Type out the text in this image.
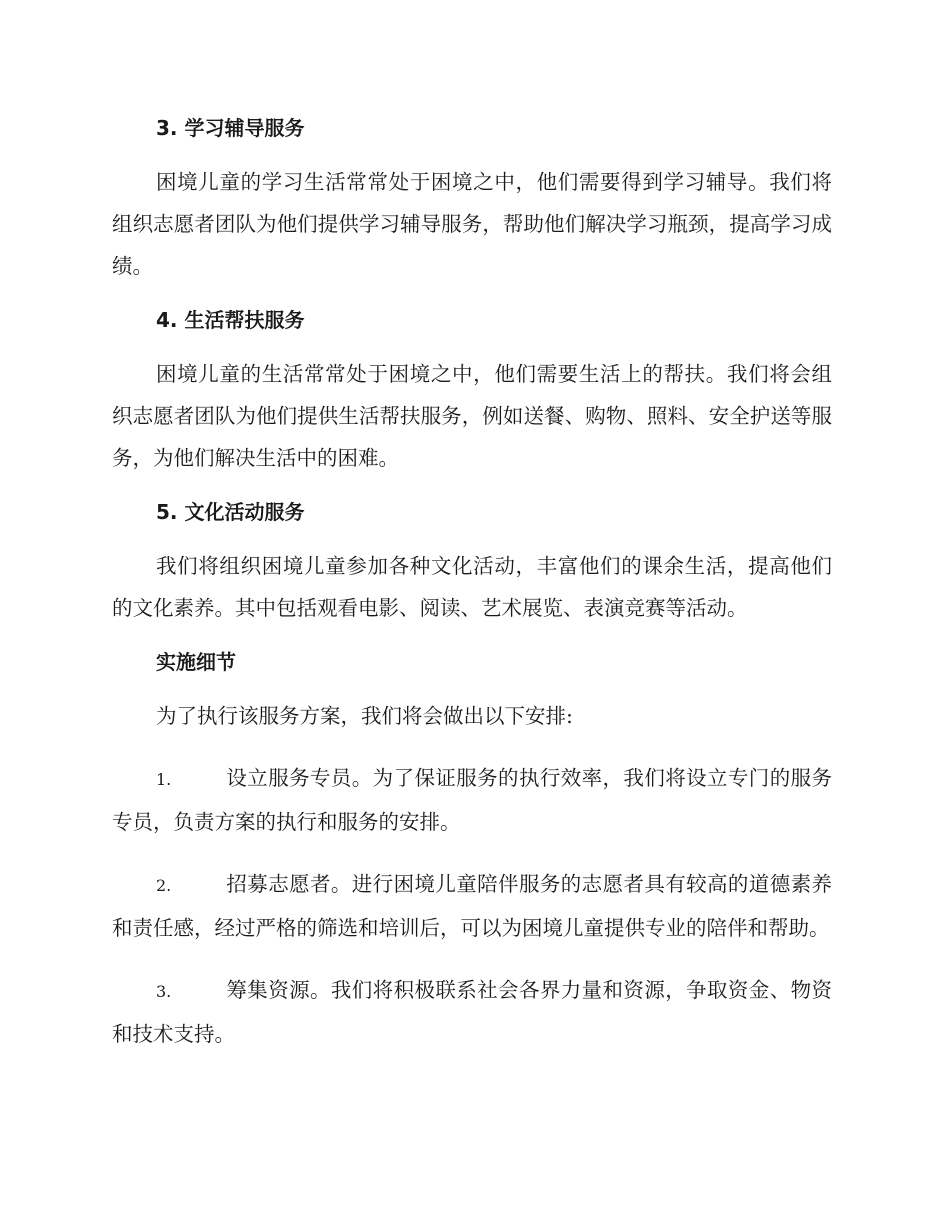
3. 学习辅导服务

困境儿童的学习生活常常处于困境之中，他们需要得到学习辅导。我们将组织志愿者团队为他们提供学习辅导服务，帮助他们解决学习瓶颈，提高学习成绩。

4. 生活帮扶服务

困境儿童的生活常常处于困境之中，他们需要生活上的帮扶。我们将会组织志愿者团队为他们提供生活帮扶服务，例如送餐、购物、照料、安全护送等服务，为他们解决生活中的困难。

5. 文化活动服务

我们将组织困境儿童参加各种文化活动，丰富他们的课余生活，提高他们的文化素养。其中包括观看电影、阅读、艺术展览、表演竞赛等活动。

实施细节

为了执行该服务方案，我们将会做出以下安排:

1.	设立服务专员。为了保证服务的执行效率，我们将设立专门的服务专员，负责方案的执行和服务的安排。

2.	招募志愿者。进行困境儿童陪伴服务的志愿者具有较高的道德素养和责任感，经过严格的筛选和培训后，可以为困境儿童提供专业的陪伴和帮助。

3.	筹集资源。我们将积极联系社会各界力量和资源，争取资金、物资和技术支持。
